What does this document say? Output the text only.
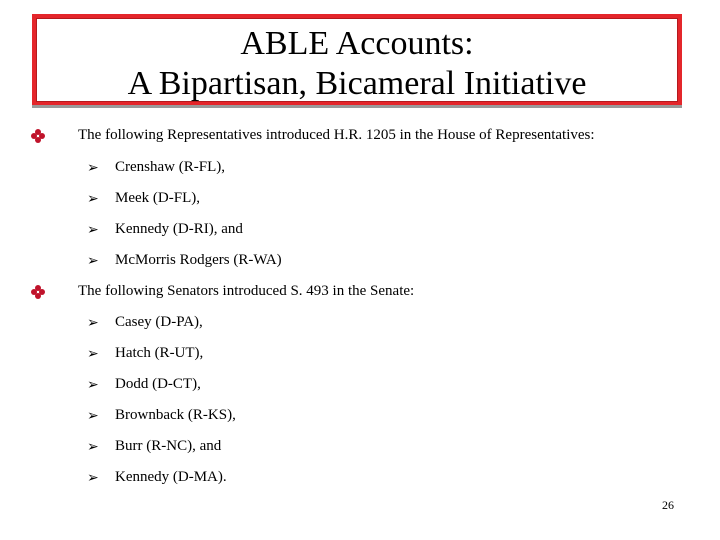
ABLE Accounts:
A Bipartisan, Bicameral Initiative
The following Representatives introduced H.R. 1205 in the House of Representatives:
➢ Crenshaw (R-FL),
➢ Meek (D-FL),
➢ Kennedy (D-RI), and
➢ McMorris Rodgers (R-WA)
The following Senators introduced S. 493 in the Senate:
➢ Casey (D-PA),
➢ Hatch (R-UT),
➢ Dodd (D-CT),
➢ Brownback (R-KS),
➢ Burr (R-NC), and
➢ Kennedy (D-MA).
26
